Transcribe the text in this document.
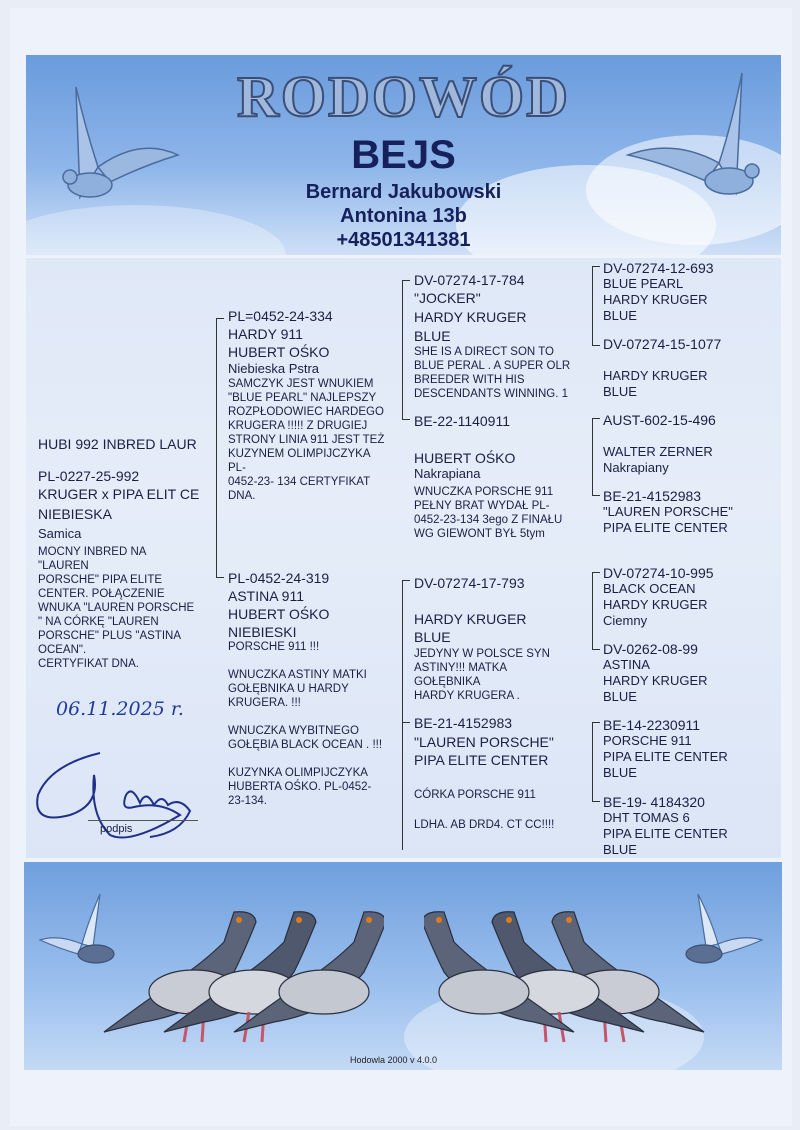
RODOWÓD
BEJS
Bernard Jakubowski
Antonina 13b
+48501341381
HUBI 992 INBRED LAUR
PL-0227-25-992
KRUGER x PIPA ELIT CE
NIEBIESKA
Samica
MOCNY INBRED NA
"LAUREN
PORSCHE" PIPA ELITE
CENTER. POŁĄCZENIE
WNUKA "LAUREN PORSCHE
" NA CÓRKĘ "LAUREN
PORSCHE" PLUS "ASTINA
OCEAN".
CERTYFIKAT DNA.
06.11.2025 r.
podpis
PL=0452-24-334
HARDY 911
HUBERT OŚKO
Niebieska Pstra
SAMCZYK JEST WNUKIEM
"BLUE PEARL" NAJLEPSZY
ROZPŁODOWIEC HARDEGO
KRUGERA !!!!! Z DRUGIEJ
STRONY LINIA 911 JEST TEŻ
KUZYNEM OLIMPIJCZYKA
PL-
0452-23- 134 CERTYFIKAT
DNA.
PL-0452-24-319
ASTINA 911
HUBERT OŚKO
NIEBIESKI
PORSCHE 911 !!!
WNUCZKA ASTINY MATKI
GOŁĘBNIKA U HARDY
KRUGERA. !!!
WNUCZKA WYBITNEGO
GOŁĘBIA BLACK OCEAN . !!!
KUZYNKA OLIMPIJCZYKA
HUBERTA OŚKO. PL-0452-
23-134.
DV-07274-17-784
"JOCKER"
HARDY KRUGER
BLUE
SHE IS A DIRECT SON TO
BLUE PERAL . A SUPER OLR
BREEDER WITH HIS
DESCENDANTS WINNING. 1
BE-22-1140911
HUBERT OŚKO
Nakrapiana
WNUCZKA PORSCHE 911
PEŁNY BRAT WYDAŁ PL-
0452-23-134 3ego Z FINAŁU
WG GIEWONT BYŁ 5tym
DV-07274-17-793
HARDY KRUGER
BLUE
JEDYNY W POLSCE SYN
ASTINY!!! MATKA
GOŁĘBNIKA
HARDY KRUGERA .
BE-21-4152983
"LAUREN PORSCHE"
PIPA ELITE CENTER
CÓRKA PORSCHE 911
LDHA. AB DRD4. CT CC!!!!
DV-07274-12-693
BLUE PEARL
HARDY KRUGER
BLUE
DV-07274-15-1077
HARDY KRUGER
BLUE
AUST-602-15-496
WALTER ZERNER
Nakrapiany
BE-21-4152983
"LAUREN PORSCHE"
PIPA ELITE CENTER
DV-07274-10-995
BLACK OCEAN
HARDY KRUGER
Ciemny
DV-0262-08-99
ASTINA
HARDY KRUGER
BLUE
BE-14-2230911
PORSCHE 911
PIPA ELITE CENTER
BLUE
BE-19- 4184320
DHT TOMAS 6
PIPA ELITE CENTER
BLUE
Hodowla 2000 v 4.0.0
